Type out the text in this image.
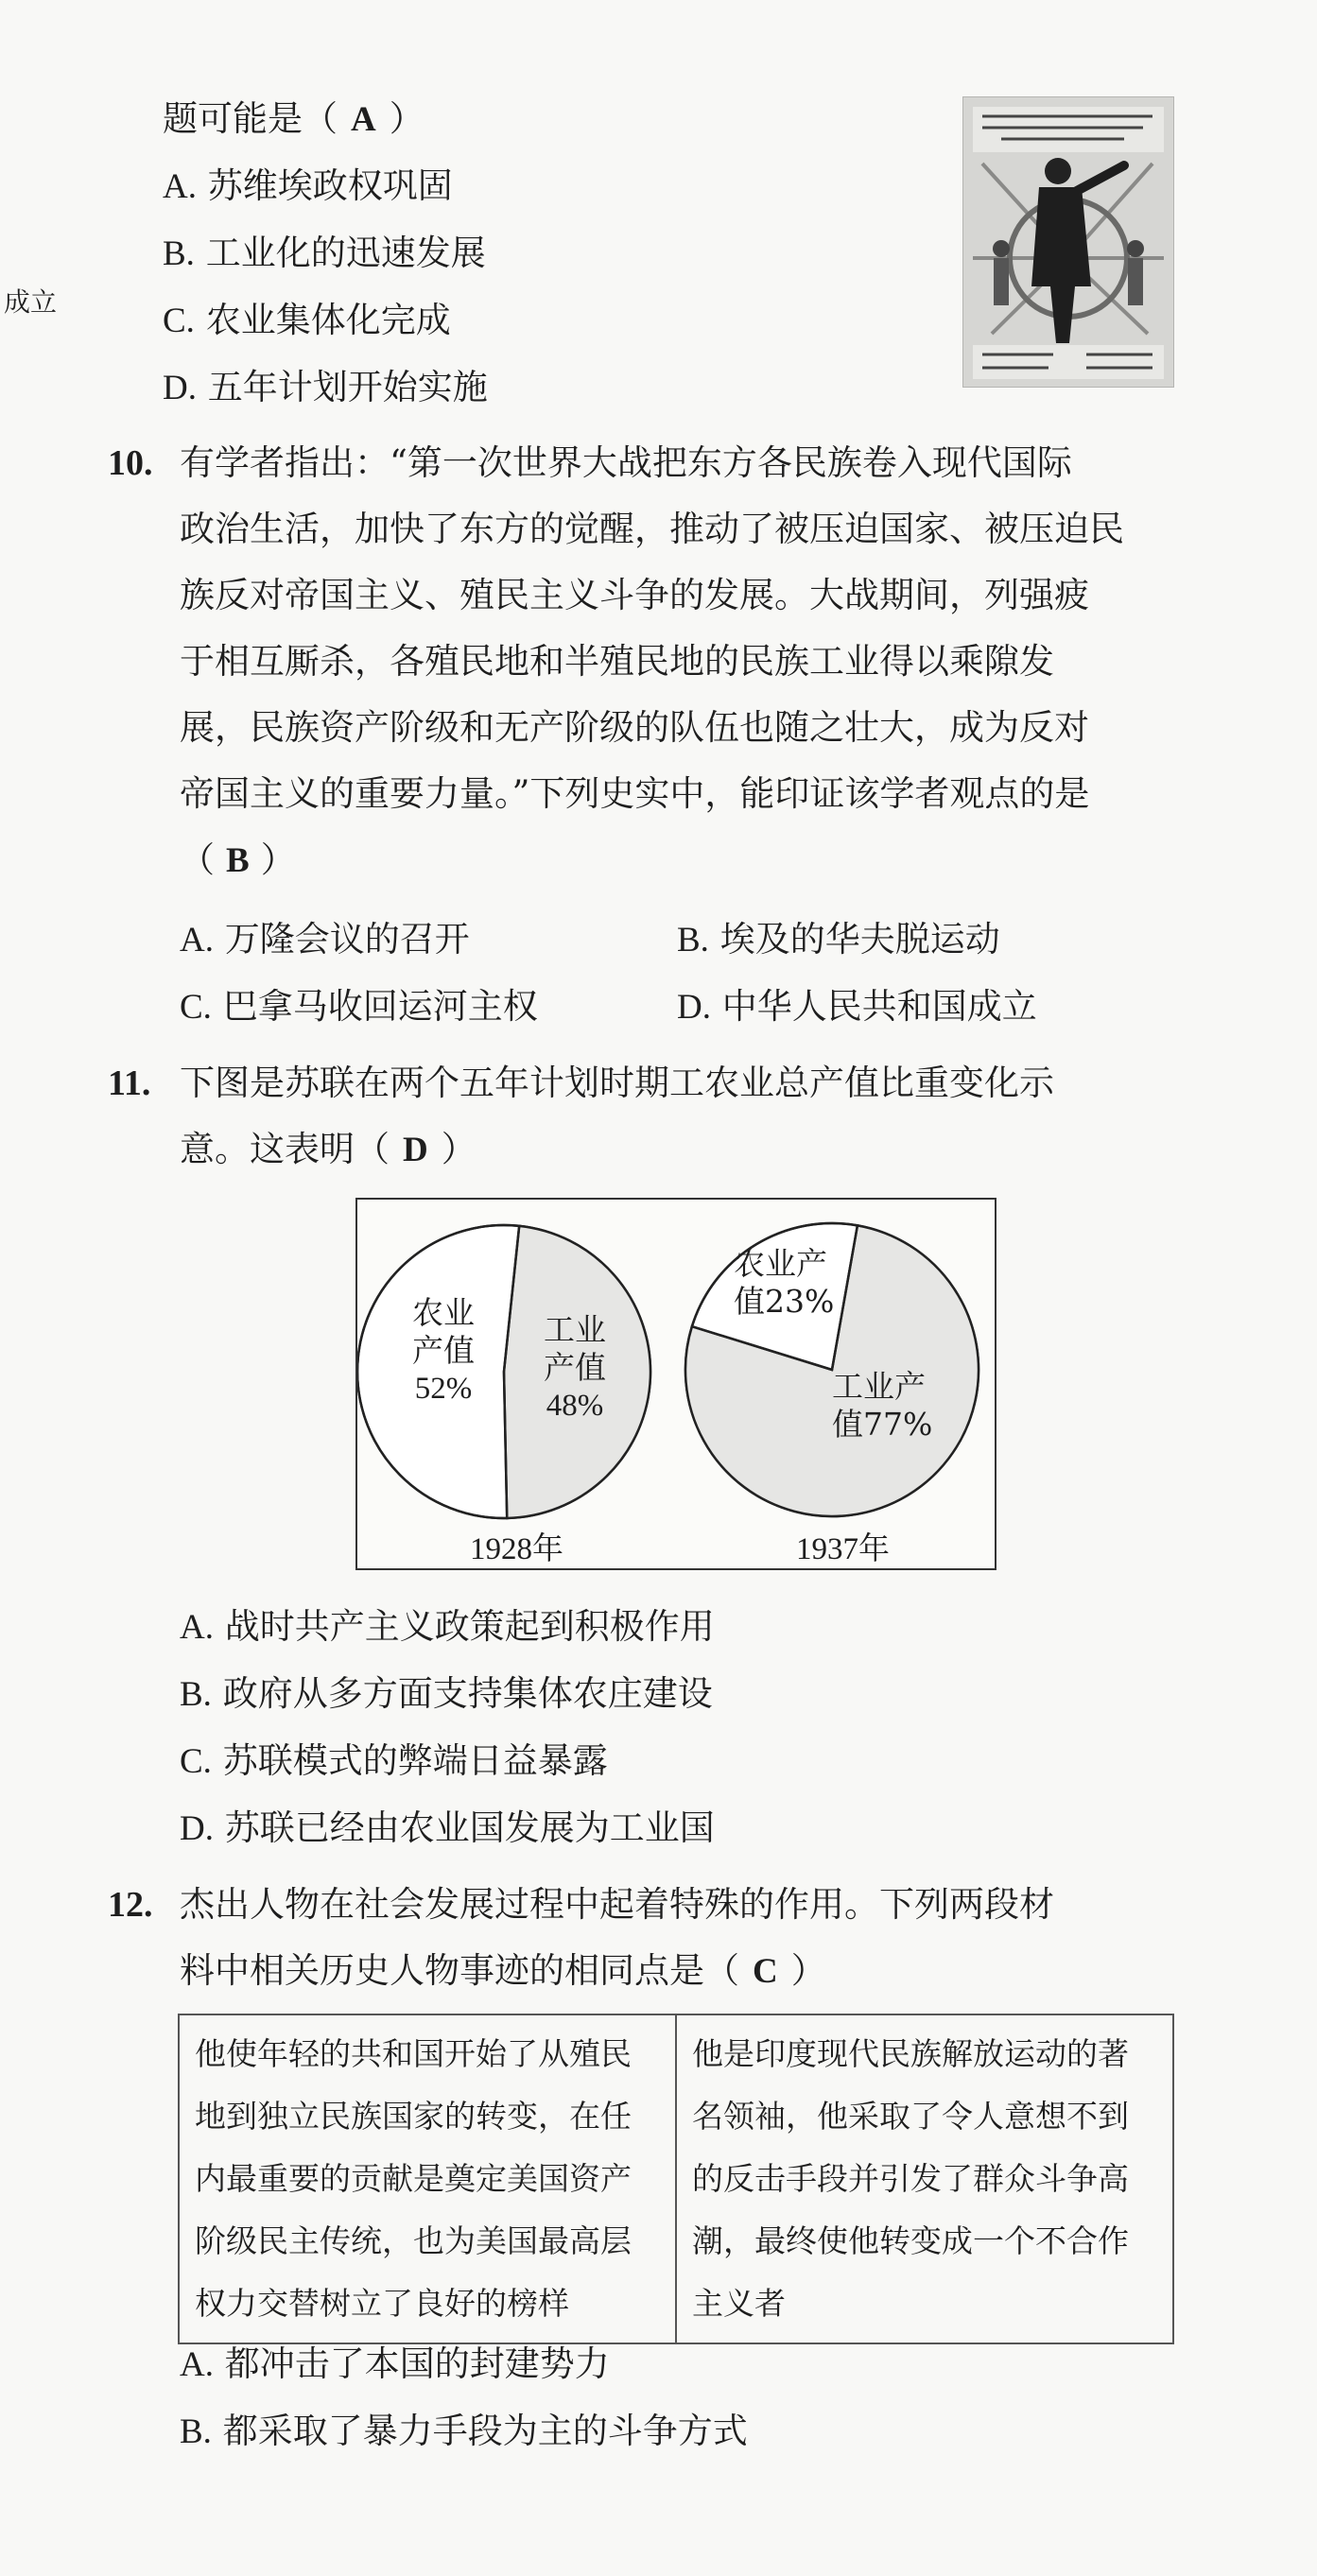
成立
题可能是（ A ）
A. 苏维埃政权巩固
B. 工业化的迅速发展
C. 农业集体化完成
D. 五年计划开始实施
10. 有学者指出：“第一次世界大战把东方各民族卷入现代国际
政治生活，加快了东方的觉醒，推动了被压迫国家、被压迫民
族反对帝国主义、殖民主义斗争的发展。大战期间，列强疲
于相互厮杀，各殖民地和半殖民地的民族工业得以乘隙发
展，民族资产阶级和无产阶级的队伍也随之壮大，成为反对
帝国主义的重要力量。”下列史实中，能印证该学者观点的是
（ B ）
A. 万隆会议的召开	B. 埃及的华夫脱运动
C. 巴拿马收回运河主权	D. 中华人民共和国成立
11. 下图是苏联在两个五年计划时期工农业总产值比重变化示
意。这表明（ D ）
农业
产值
52%
工业
产值
48%
农业产
值23%
工业产
值77%
1928年	1937年
A. 战时共产主义政策起到积极作用
B. 政府从多方面支持集体农庄建设
C. 苏联模式的弊端日益暴露
D. 苏联已经由农业国发展为工业国
12. 杰出人物在社会发展过程中起着特殊的作用。下列两段材
料中相关历史人物事迹的相同点是（ C ）
他使年轻的共和国开始了从殖民地到独立民族国家的转变，在任内最重要的贡献是奠定美国资产阶级民主传统，也为美国最高层权力交替树立了良好的榜样	他是印度现代民族解放运动的著名领袖，他采取了令人意想不到的反击手段并引发了群众斗争高潮，最终使他转变成一个不合作主义者
A. 都冲击了本国的封建势力
B. 都采取了暴力手段为主的斗争方式
